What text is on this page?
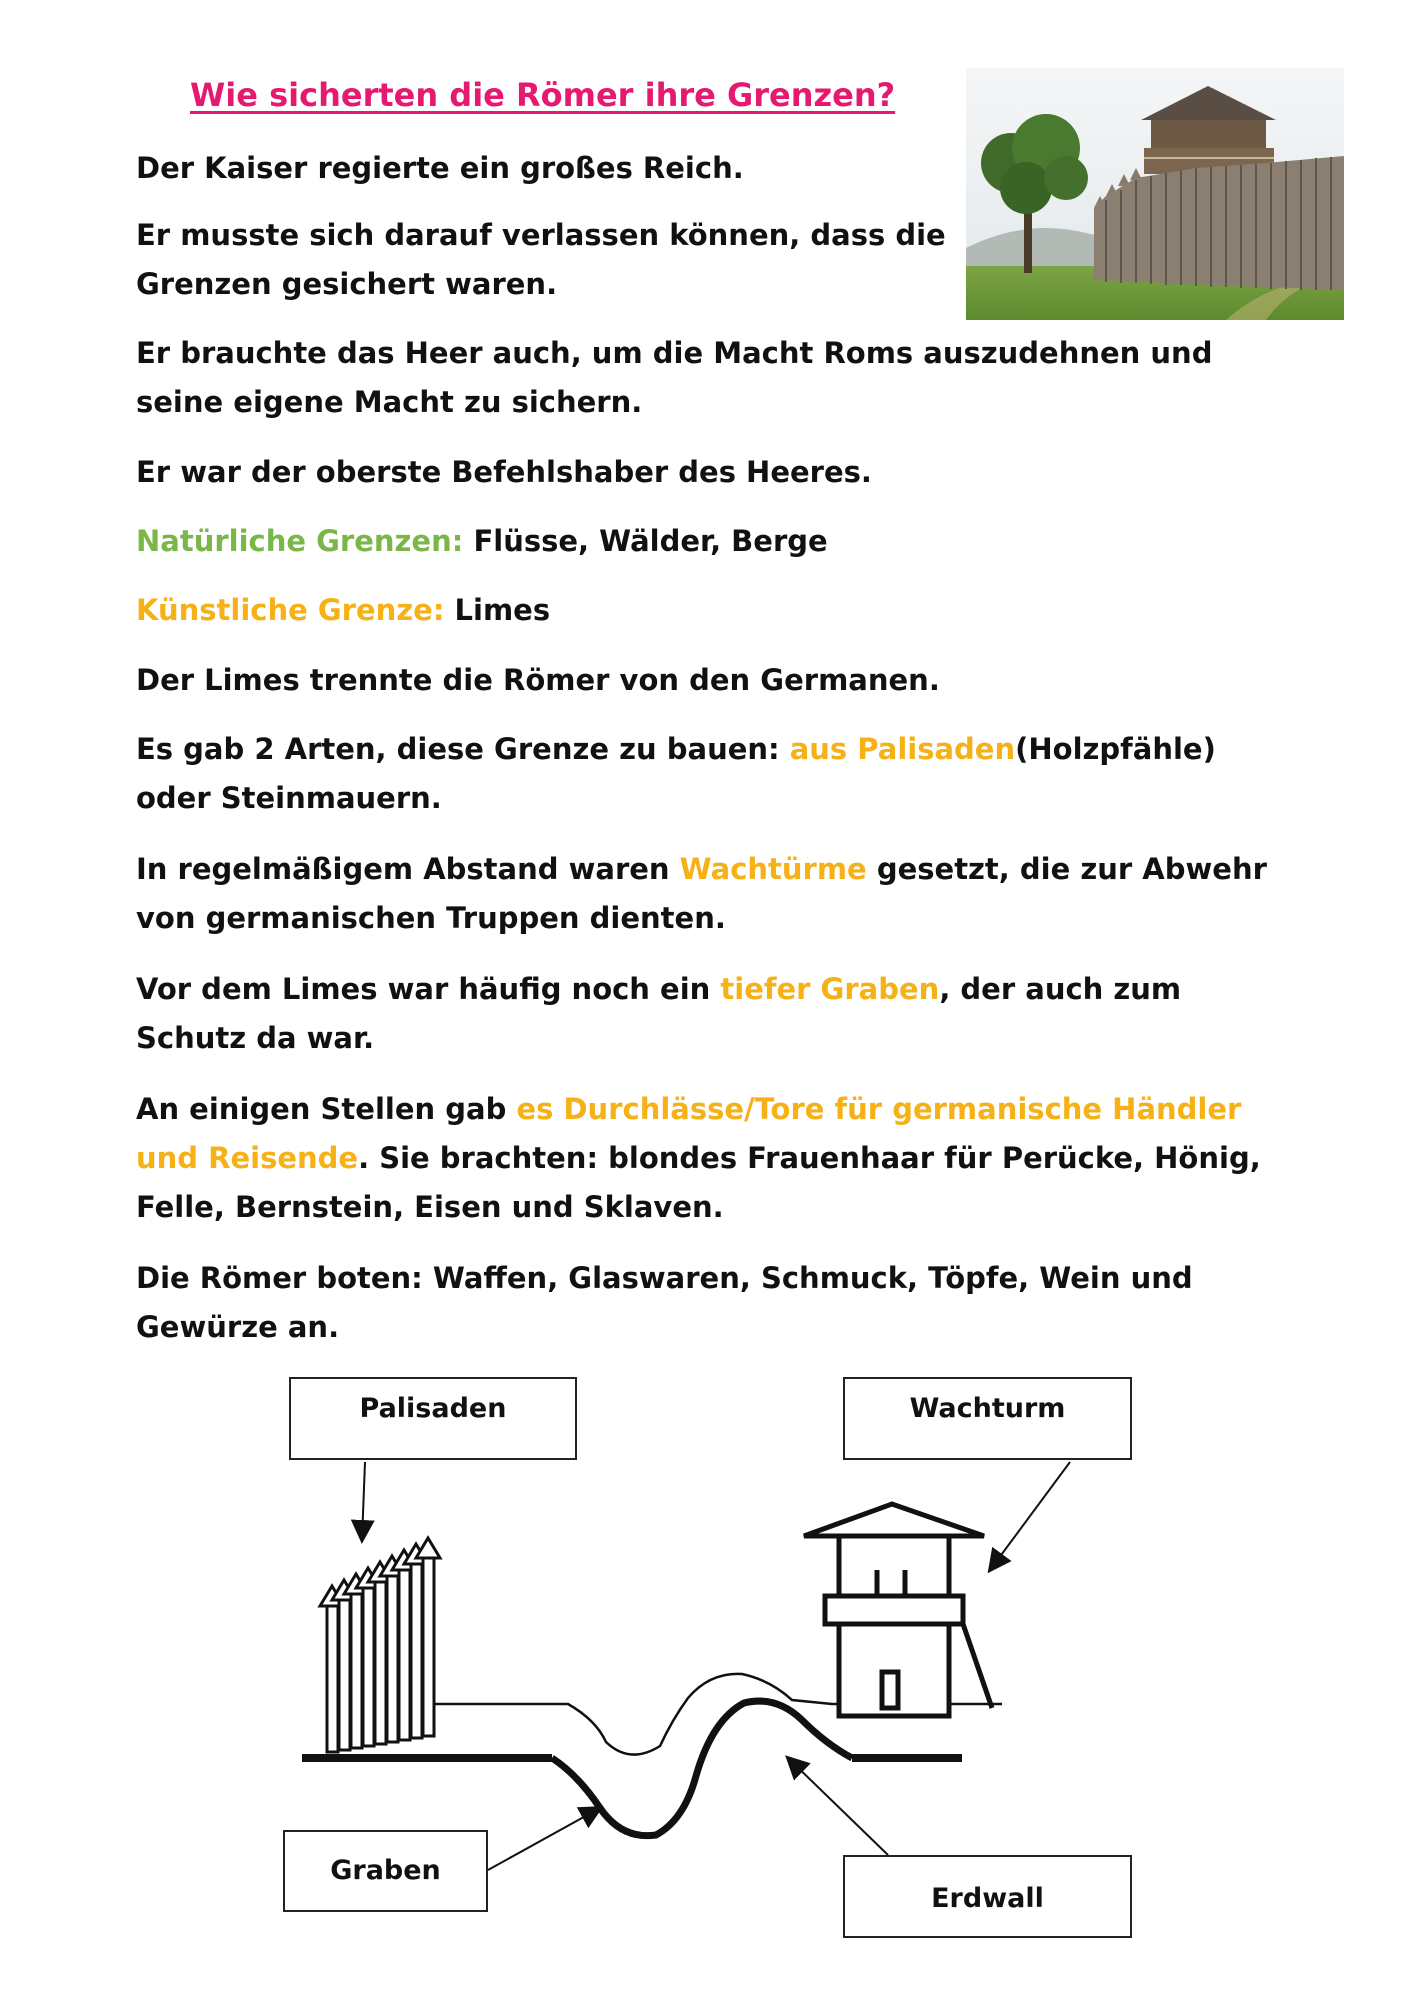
Wie sicherten die Römer ihre Grenzen?

Der Kaiser regierte ein großes Reich.

Er musste sich darauf verlassen können, dass die
Grenzen gesichert waren.

Er brauchte das Heer auch, um die Macht Roms auszudehnen und seine eigene Macht zu sichern.

Er war der oberste Befehlshaber des Heeres.

Natürliche Grenzen: Flüsse, Wälder, Berge

Künstliche Grenze: Limes

Der Limes trennte die Römer von den Germanen.

Es gab 2 Arten, diese Grenze zu bauen: aus Palisaden(Holzpfähle) oder Steinmauern.

In regelmäßigem Abstand waren Wachtürme gesetzt, die zur Abwehr von germanischen Truppen dienten.

Vor dem Limes war häufig noch ein tiefer Graben, der auch zum Schutz da war.

An einigen Stellen gab es Durchlässe/Tore für germanische Händler und Reisende. Sie brachten: blondes Frauenhaar für Perücke, Hönig, Felle, Bernstein, Eisen und Sklaven.

Die Römer boten: Waffen, Glaswaren, Schmuck, Töpfe, Wein und Gewürze an.

Palisaden	Wachturm

Graben

Erdwall
